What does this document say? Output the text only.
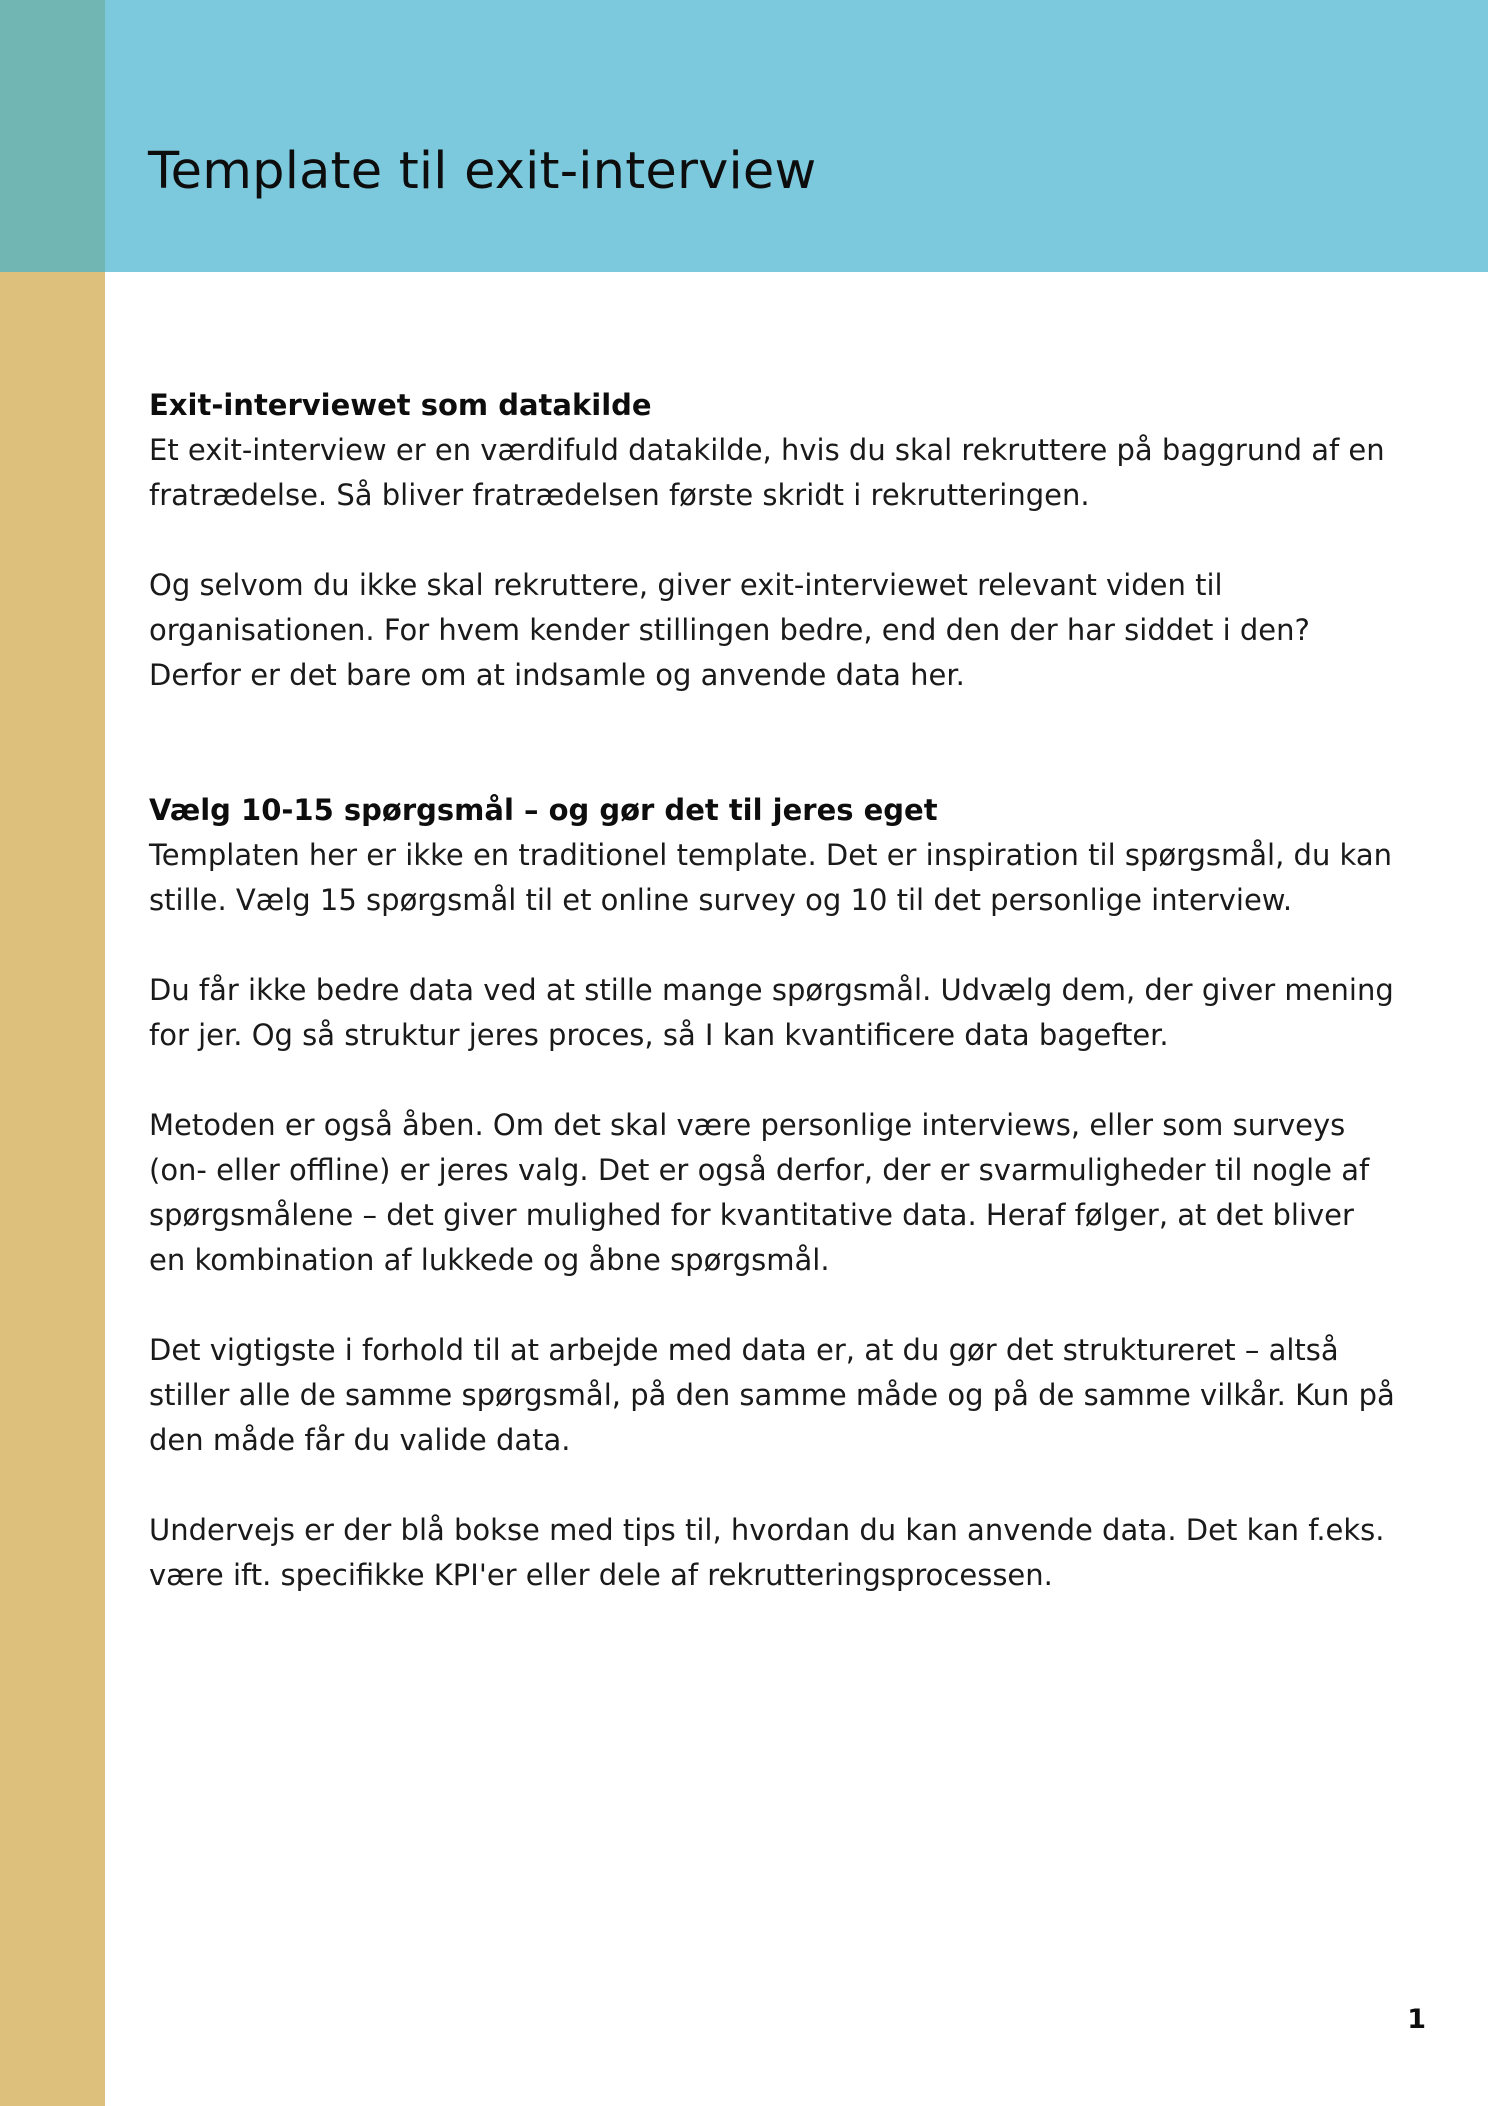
Template til exit-interview
Exit-interviewet som datakilde

Et exit-interview er en værdifuld datakilde, hvis du skal rekruttere på baggrund af en fratrædelse. Så bliver fratrædelsen første skridt i rekrutteringen.

Og selvom du ikke skal rekruttere, giver exit-interviewet relevant viden til organisationen. For hvem kender stillingen bedre, end den der har siddet i den? Derfor er det bare om at indsamle og anvende data her.

Vælg 10-15 spørgsmål – og gør det til jeres eget

Templaten her er ikke en traditionel template. Det er inspiration til spørgsmål, du kan stille. Vælg 15 spørgsmål til et online survey og 10 til det personlige interview.

Du får ikke bedre data ved at stille mange spørgsmål. Udvælg dem, der giver mening for jer. Og så struktur jeres proces, så I kan kvantificere data bagefter.

Metoden er også åben. Om det skal være personlige interviews, eller som surveys (on- eller offline) er jeres valg. Det er også derfor, der er svarmuligheder til nogle af spørgsmålene – det giver mulighed for kvantitative data. Heraf følger, at det bliver en kombination af lukkede og åbne spørgsmål.

Det vigtigste i forhold til at arbejde med data er, at du gør det struktureret – altså stiller alle de samme spørgsmål, på den samme måde og på de samme vilkår. Kun på den måde får du valide data.

Undervejs er der blå bokse med tips til, hvordan du kan anvende data. Det kan f.eks. være ift. specifikke KPI'er eller dele af rekrutteringsprocessen.

1
